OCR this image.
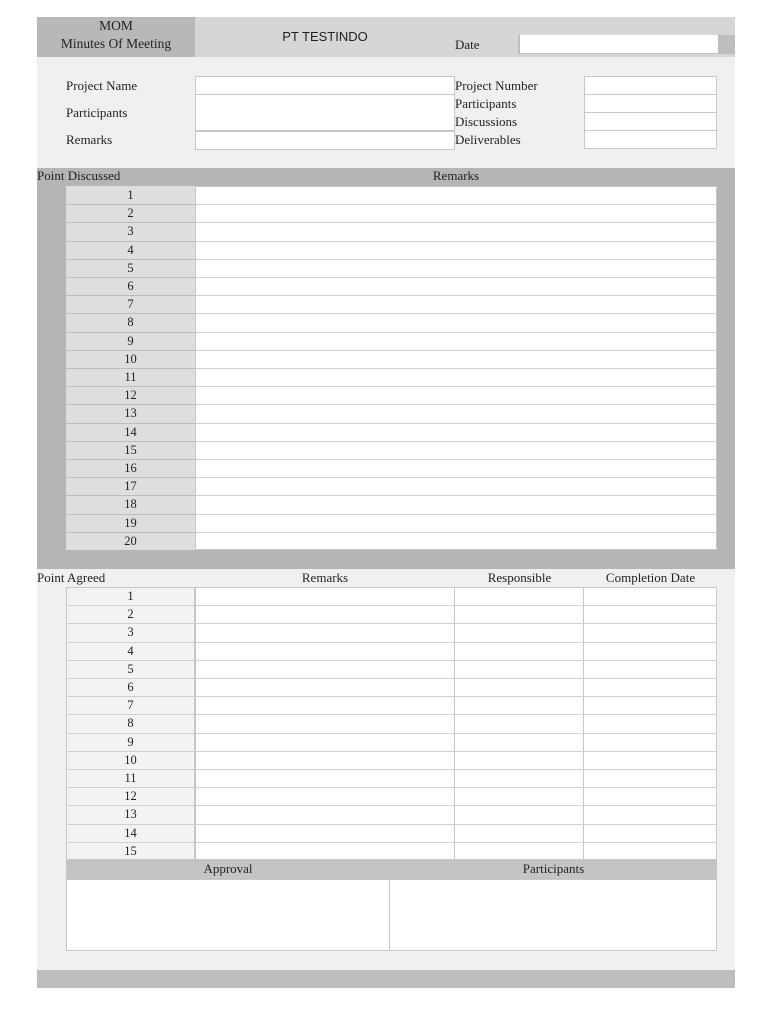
MOM
Minutes Of Meeting	PT TESTINDO
Date
Project Name
Participants
Remarks
Project Number
Participants
Discussions
Deliverables
Point Discussed	Remarks
1
2
3
4
5
6
7
8
9
10
11
12
13
14
15
16
17
18
19
20
Point Agreed	Remarks	Responsible	Completion Date
1
2
3
4
5
6
7
8
9
10
11
12
13
14
15
Approval	Participants
